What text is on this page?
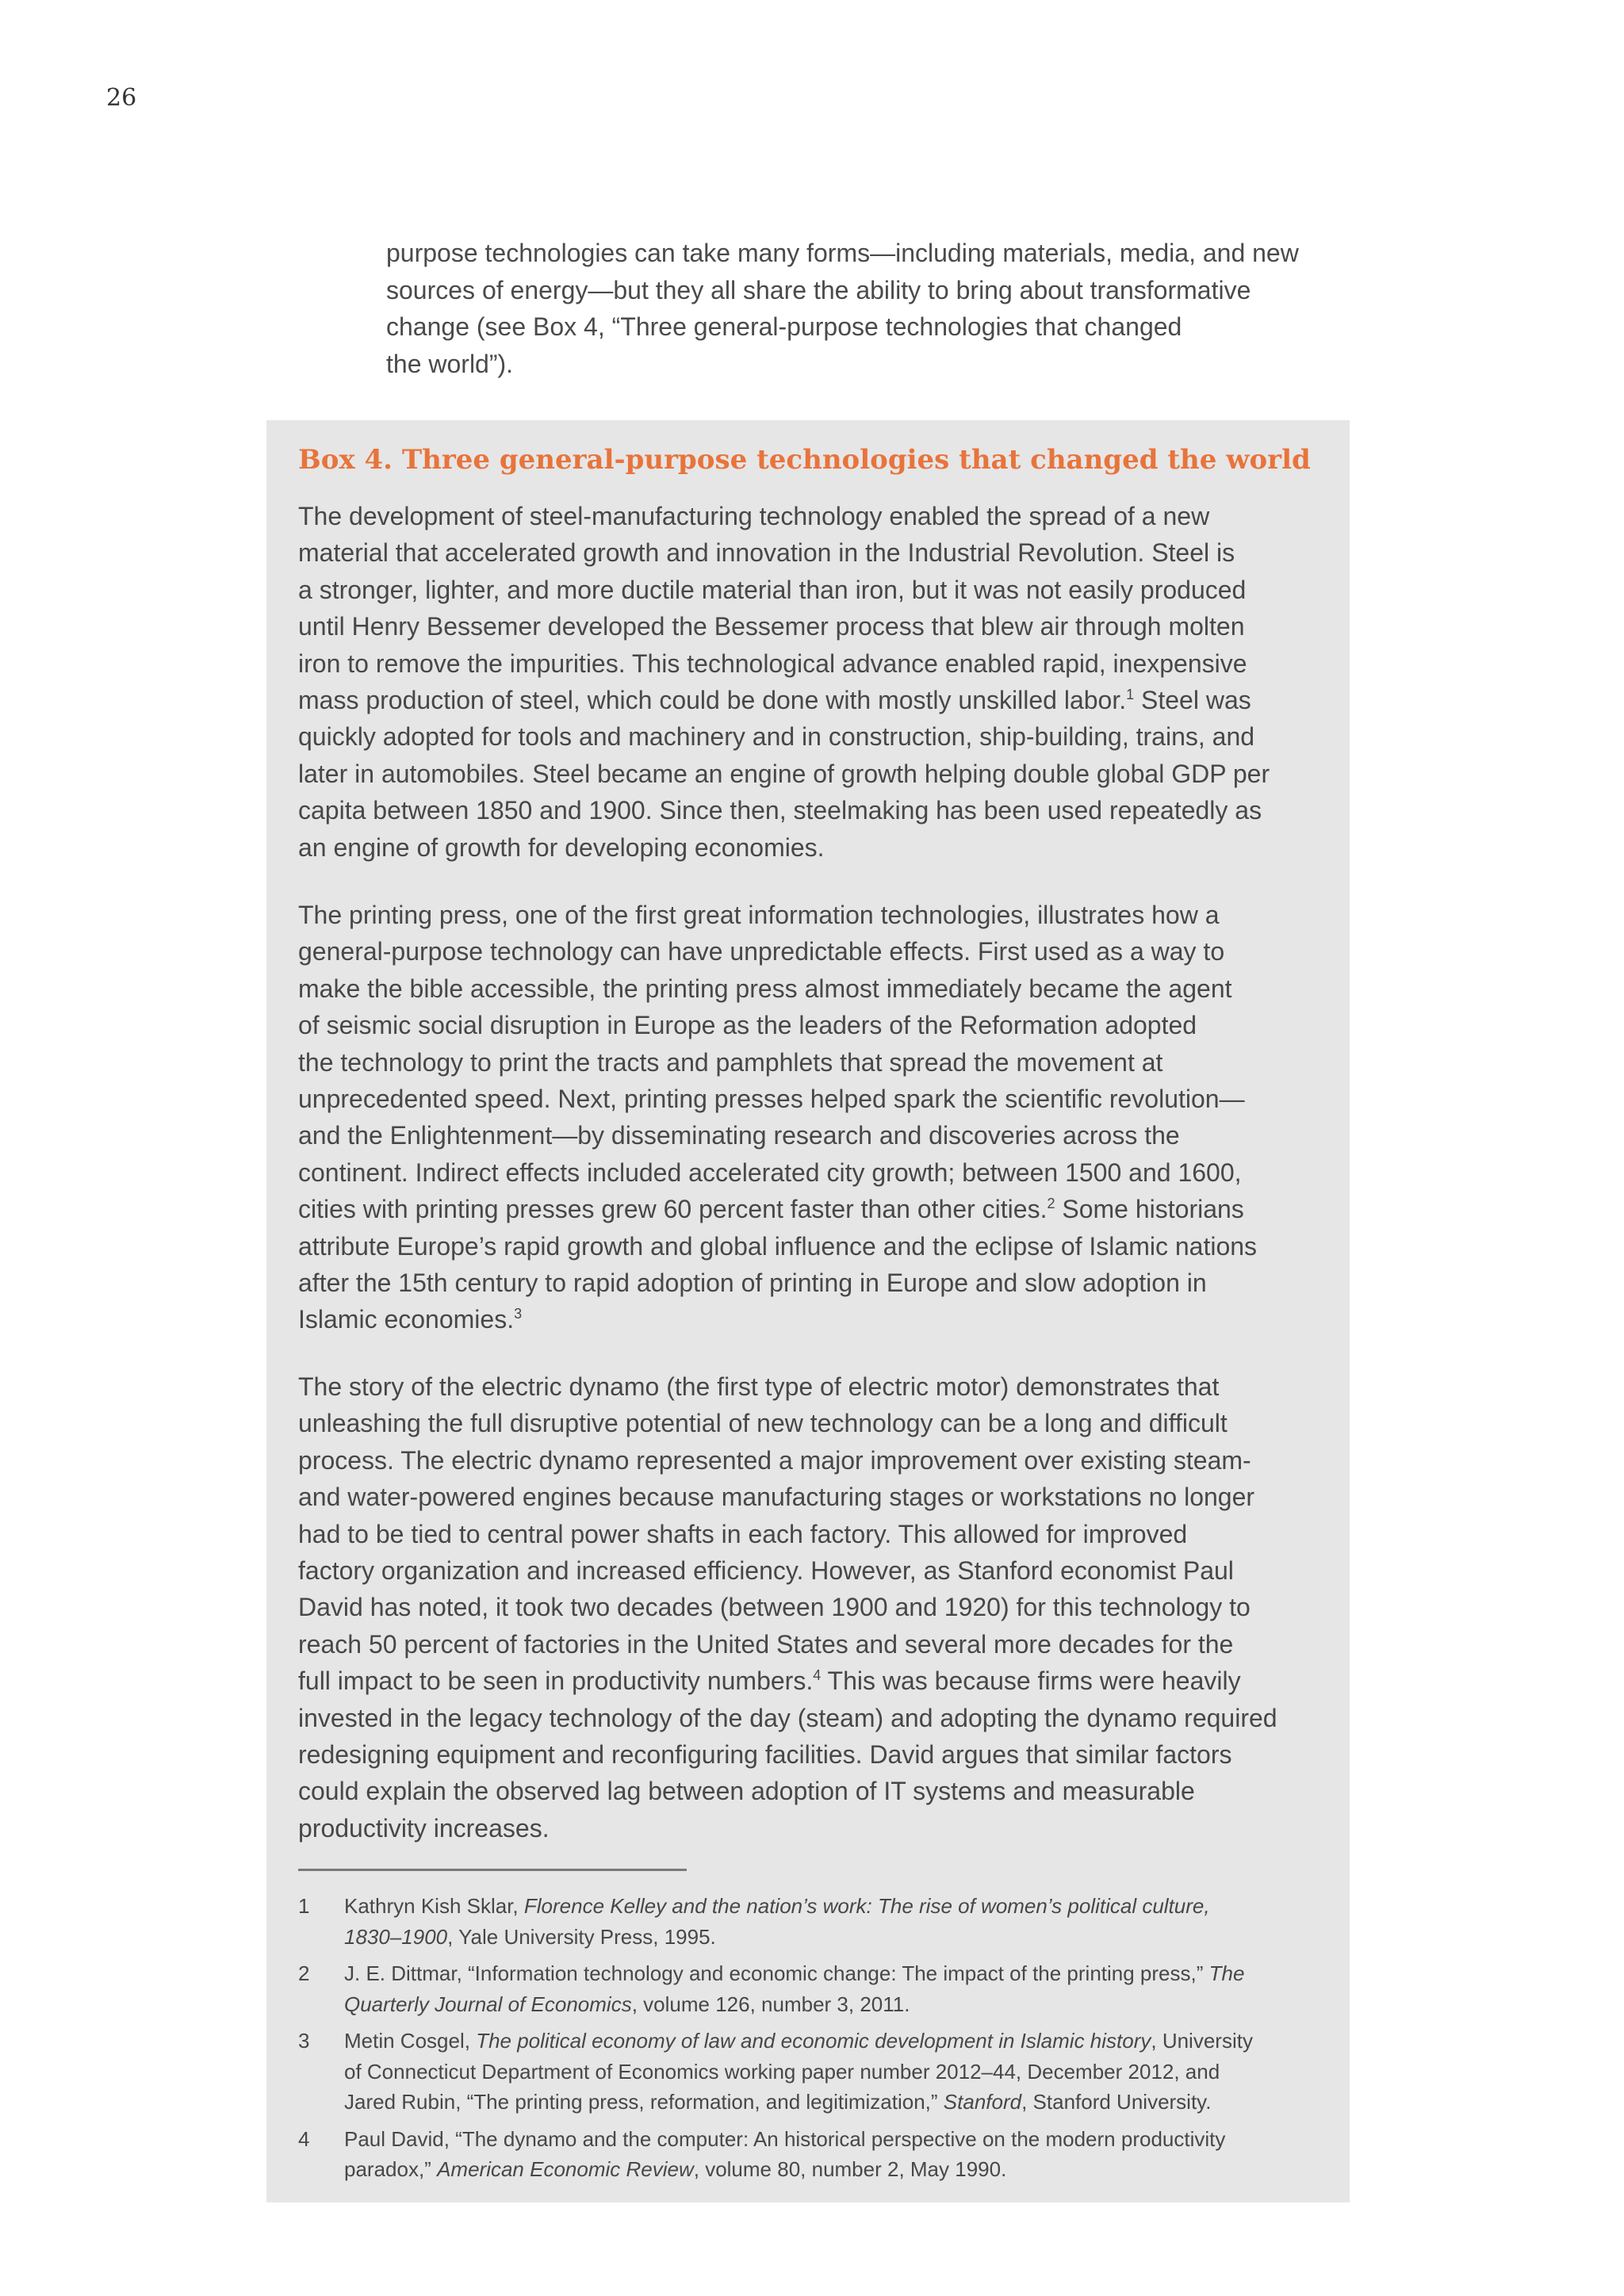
26
purpose technologies can take many forms—including materials, media, and new
sources of energy—but they all share the ability to bring about transformative
change (see Box 4, “Three general-purpose technologies that changed
the world”).
Box 4. Three general-purpose technologies that changed the world
The development of steel-manufacturing technology enabled the spread of a new
material that accelerated growth and innovation in the Industrial Revolution. Steel is
a stronger, lighter, and more ductile material than iron, but it was not easily produced
until Henry Bessemer developed the Bessemer process that blew air through molten
iron to remove the impurities. This technological advance enabled rapid, inexpensive
mass production of steel, which could be done with mostly unskilled labor.$^1$ Steel was
quickly adopted for tools and machinery and in construction, ship-building, trains, and
later in automobiles. Steel became an engine of growth helping double global GDP per
capita between 1850 and 1900. Since then, steelmaking has been used repeatedly as
an engine of growth for developing economies.
The printing press, one of the first great information technologies, illustrates how a
general-purpose technology can have unpredictable effects. First used as a way to
make the bible accessible, the printing press almost immediately became the agent
of seismic social disruption in Europe as the leaders of the Reformation adopted
the technology to print the tracts and pamphlets that spread the movement at
unprecedented speed. Next, printing presses helped spark the scientific revolution—
and the Enlightenment—by disseminating research and discoveries across the
continent. Indirect effects included accelerated city growth; between 1500 and 1600,
cities with printing presses grew 60 percent faster than other cities.$^2$ Some historians
attribute Europe’s rapid growth and global influence and the eclipse of Islamic nations
after the 15th century to rapid adoption of printing in Europe and slow adoption in
Islamic economies.$^3$
The story of the electric dynamo (the first type of electric motor) demonstrates that
unleashing the full disruptive potential of new technology can be a long and difficult
process. The electric dynamo represented a major improvement over existing steam-
and water-powered engines because manufacturing stages or workstations no longer
had to be tied to central power shafts in each factory. This allowed for improved
factory organization and increased efficiency. However, as Stanford economist Paul
David has noted, it took two decades (between 1900 and 1920) for this technology to
reach 50 percent of factories in the United States and several more decades for the
full impact to be seen in productivity numbers.$^4$ This was because firms were heavily
invested in the legacy technology of the day (steam) and adopting the dynamo required
redesigning equipment and reconfiguring facilities. David argues that similar factors
could explain the observed lag between adoption of IT systems and measurable
productivity increases.
1	Kathryn Kish Sklar, Florence Kelley and the nation’s work: The rise of women’s political culture,
1830–1900, Yale University Press, 1995.
2	J. E. Dittmar, “Information technology and economic change: The impact of the printing press,” The
Quarterly Journal of Economics, volume 126, number 3, 2011.
3	Metin Cosgel, The political economy of law and economic development in Islamic history, University
of Connecticut Department of Economics working paper number 2012–44, December 2012, and
Jared Rubin, “The printing press, reformation, and legitimization,” Stanford, Stanford University.
4	Paul David, “The dynamo and the computer: An historical perspective on the modern productivity
paradox,” American Economic Review, volume 80, number 2, May 1990.
